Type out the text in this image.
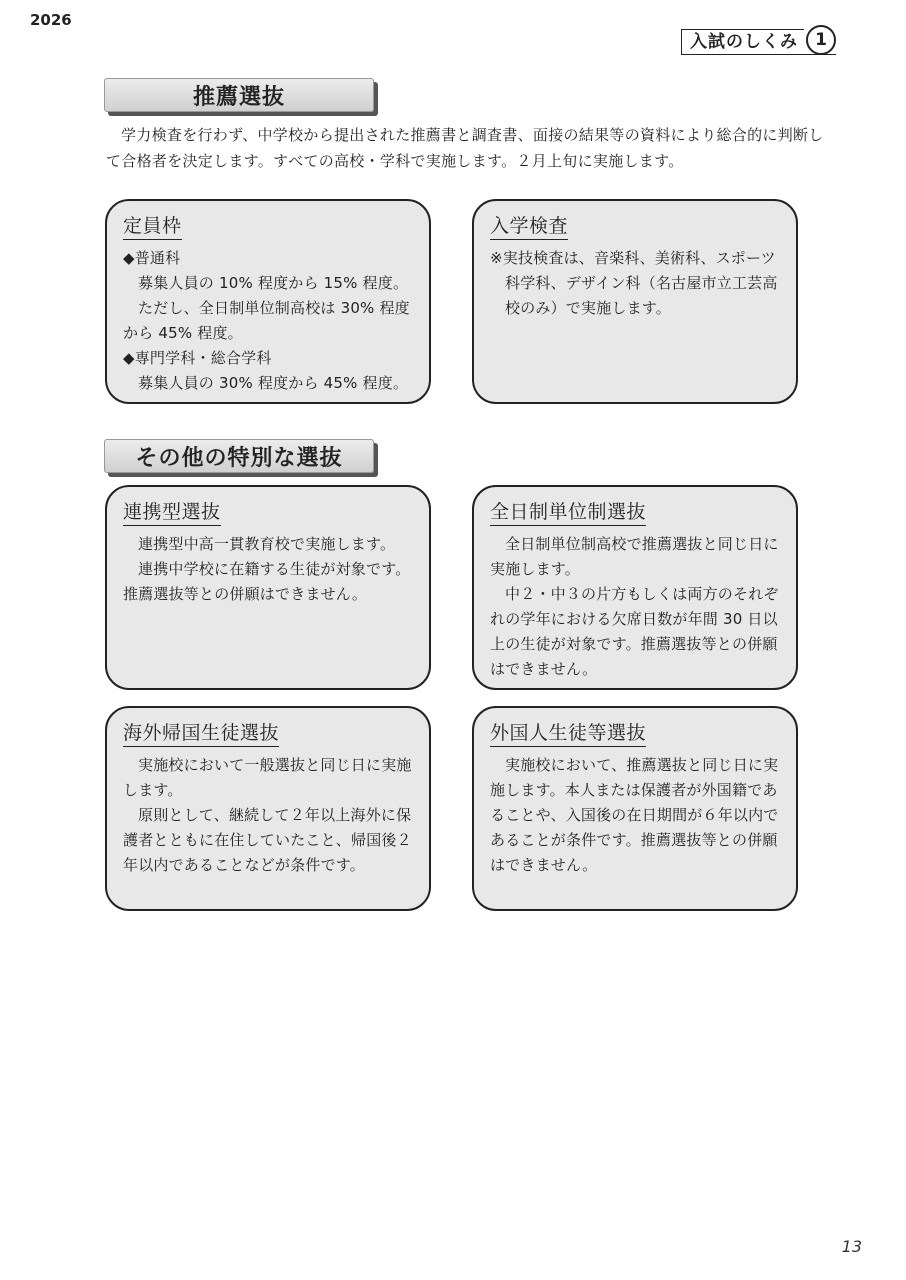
2026
入試のしくみ	1
推薦選抜
学力検査を行わず、中学校から提出された推薦書と調査書、面接の結果等の資料により総合的に判断して合格者を決定します。すべての高校・学科で実施します。２月上旬に実施します。
定員枠

◆普通科

募集人員の 10% 程度から 15% 程度。

ただし、全日制単位制高校は 30% 程度から 45% 程度。

◆専門学科・総合学科

募集人員の 30% 程度から 45% 程度。

入学検査

※実技検査は、音楽科、美術科、スポーツ科学科、デザイン科（名古屋市立工芸高校のみ）で実施します。

その他の特別な選抜
連携型選抜

連携型中高一貫教育校で実施します。

連携中学校に在籍する生徒が対象です。推薦選抜等との併願はできません。

全日制単位制選抜

全日制単位制高校で推薦選抜と同じ日に実施します。

中２・中３の片方もしくは両方のそれぞれの学年における欠席日数が年間 30 日以上の生徒が対象です。推薦選抜等との併願はできません。

海外帰国生徒選抜

実施校において一般選抜と同じ日に実施します。

原則として、継続して２年以上海外に保護者とともに在住していたこと、帰国後２年以内であることなどが条件です。

外国人生徒等選抜

実施校において、推薦選抜と同じ日に実施します。本人または保護者が外国籍であることや、入国後の在日期間が６年以内であることが条件です。推薦選抜等との併願はできません。

13
